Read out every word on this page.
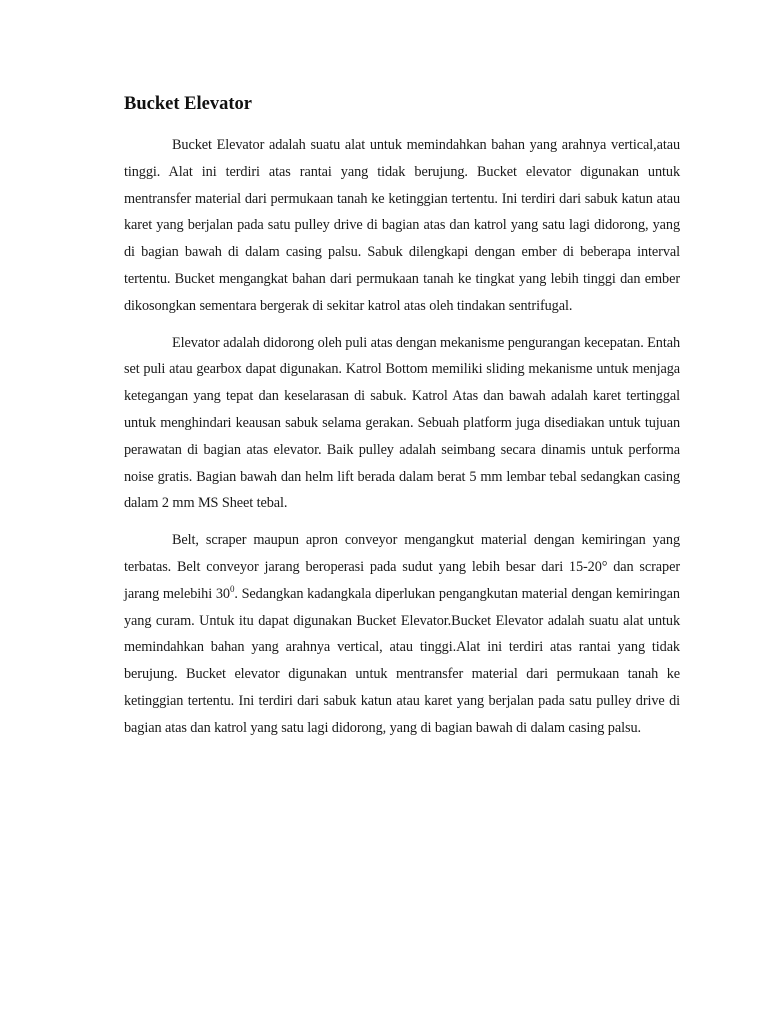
Bucket Elevator

Bucket Elevator adalah suatu alat untuk memindahkan bahan yang arahnya vertical,atau tinggi. Alat ini terdiri atas rantai yang tidak berujung. Bucket elevator digunakan untuk mentransfer material dari permukaan tanah ke ketinggian tertentu. Ini terdiri dari sabuk katun atau karet yang berjalan pada satu pulley drive di bagian atas dan katrol yang satu lagi didorong, yang di bagian bawah di dalam casing palsu. Sabuk dilengkapi dengan ember di beberapa interval tertentu. Bucket mengangkat bahan dari permukaan tanah ke tingkat yang lebih tinggi dan ember dikosongkan sementara bergerak di sekitar katrol atas oleh tindakan sentrifugal.

Elevator adalah didorong oleh puli atas dengan mekanisme pengurangan kecepatan. Entah set puli atau gearbox dapat digunakan. Katrol Bottom memiliki sliding mekanisme untuk menjaga ketegangan yang tepat dan keselarasan di sabuk. Katrol Atas dan bawah adalah karet tertinggal untuk menghindari keausan sabuk selama gerakan. Sebuah platform juga disediakan untuk tujuan perawatan di bagian atas elevator. Baik pulley adalah seimbang secara dinamis untuk performa noise gratis. Bagian bawah dan helm lift berada dalam berat 5 mm lembar tebal sedangkan casing dalam 2 mm MS Sheet tebal.

Belt, scraper maupun apron conveyor mengangkut material dengan kemiringan yang terbatas. Belt conveyor jarang beroperasi pada sudut yang lebih besar dari 15-20° dan scraper jarang melebihi $30^0$. Sedangkan kadangkala diperlukan pengangkutan material dengan kemiringan yang curam. Untuk itu dapat digunakan Bucket Elevator.Bucket Elevator adalah suatu alat untuk memindahkan bahan yang arahnya vertical, atau tinggi.Alat ini terdiri atas rantai yang tidak berujung. Bucket elevator digunakan untuk mentransfer material dari permukaan tanah ke ketinggian tertentu. Ini terdiri dari sabuk katun atau karet yang berjalan pada satu pulley drive di bagian atas dan katrol yang satu lagi didorong, yang di bagian bawah di dalam casing palsu.
